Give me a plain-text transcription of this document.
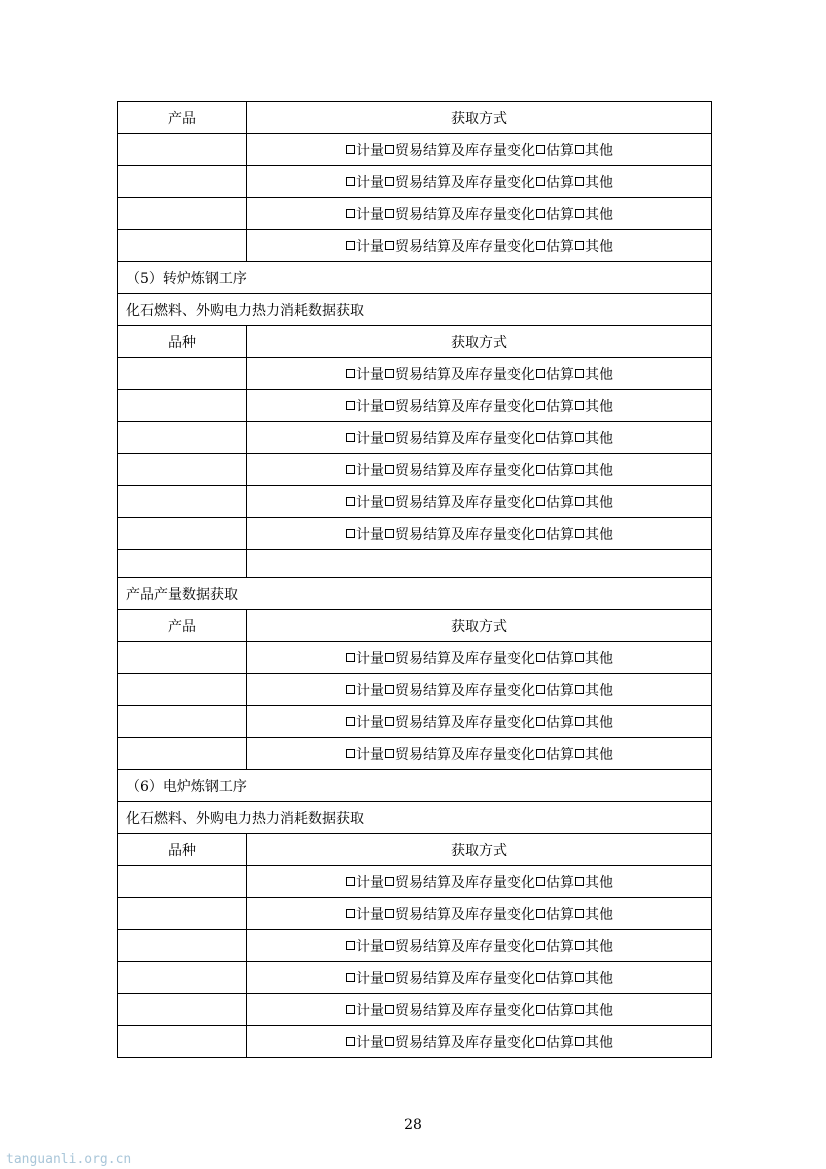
产品	获取方式
	计量 贸易结算及库存量变化 估算 其他
	计量 贸易结算及库存量变化 估算 其他
	计量 贸易结算及库存量变化 估算 其他
	计量 贸易结算及库存量变化 估算 其他
（5）转炉炼钢工序	
化石燃料、外购电力热力消耗数据获取	
品种	获取方式
	计量 贸易结算及库存量变化 估算 其他
	计量 贸易结算及库存量变化 估算 其他
	计量 贸易结算及库存量变化 估算 其他
	计量 贸易结算及库存量变化 估算 其他
	计量 贸易结算及库存量变化 估算 其他
	计量 贸易结算及库存量变化 估算 其他

产品产量数据获取	
产品	获取方式
	计量 贸易结算及库存量变化 估算 其他
	计量 贸易结算及库存量变化 估算 其他
	计量 贸易结算及库存量变化 估算 其他
	计量 贸易结算及库存量变化 估算 其他
（6）电炉炼钢工序	
化石燃料、外购电力热力消耗数据获取	
品种	获取方式
	计量 贸易结算及库存量变化 估算 其他
	计量 贸易结算及库存量变化 估算 其他
	计量 贸易结算及库存量变化 估算 其他
	计量 贸易结算及库存量变化 估算 其他
	计量 贸易结算及库存量变化 估算 其他
	计量 贸易结算及库存量变化 估算 其他
28
tanguanli.org.cn
